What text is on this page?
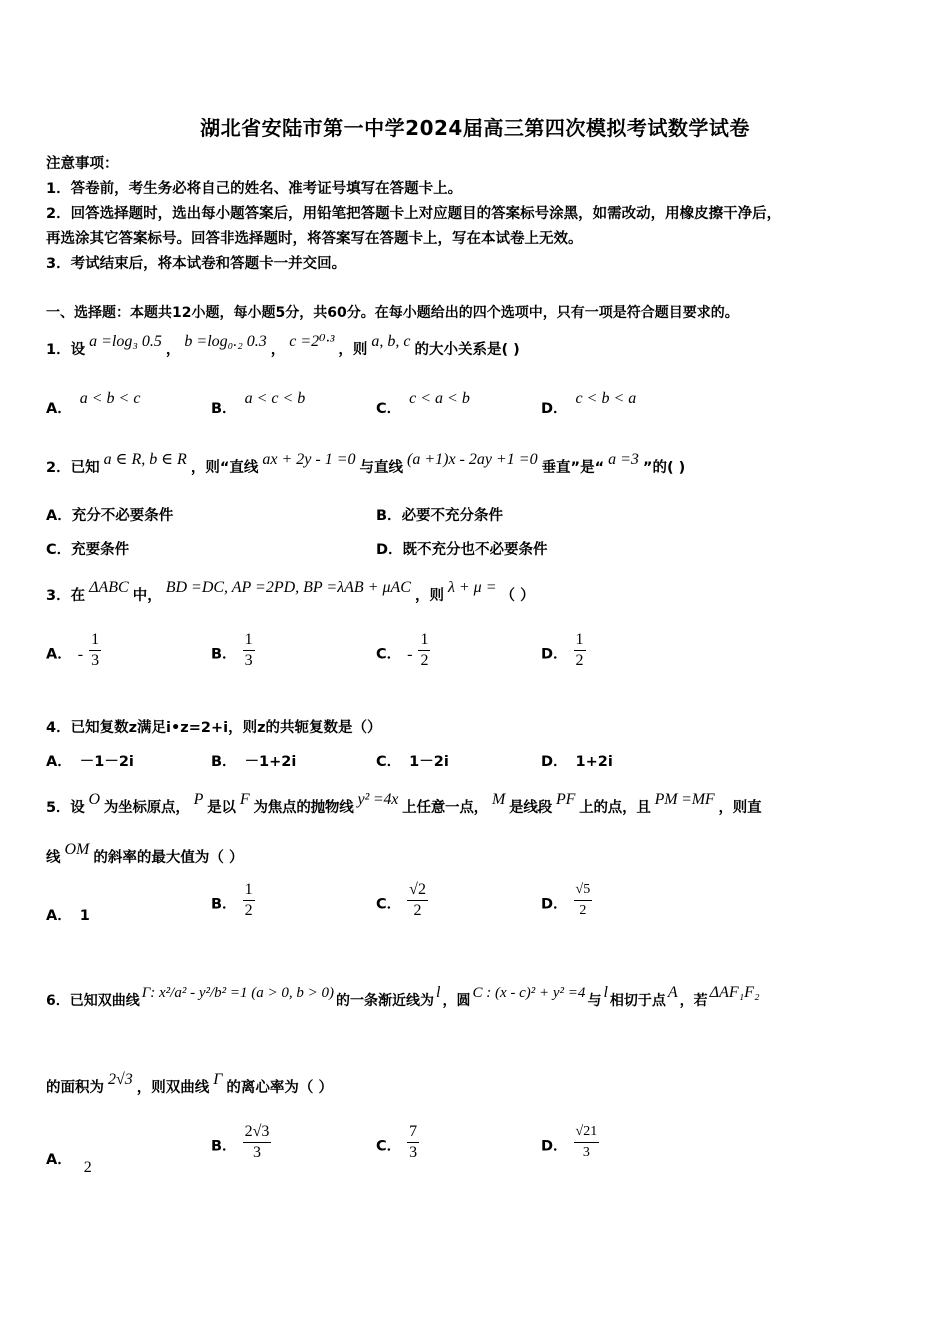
湖北省安陆市第一中学2024届高三第四次模拟考试数学试卷
注意事项：
1．答卷前，考生务必将自己的姓名、准考证号填写在答题卡上。
2．回答选择题时，选出每小题答案后，用铅笔把答题卡上对应题目的答案标号涂黑，如需改动，用橡皮擦干净后，
再选涂其它答案标号。回答非选择题时，将答案写在答题卡上，写在本试卷上无效。
3．考试结束后，将本试卷和答题卡一并交回。
一、选择题：本题共12小题，每小题5分，共60分。在每小题给出的四个选项中，只有一项是符合题目要求的。
1．设 a =log₃ 0.5 ， b =log₀.₂ 0.3 ， c =2⁰·³ ，则 a, b, c 的大小关系是( )
A．a < b < c
B．a < c < b
C．c < a < b
D．c < b < a
2．已知 a ∈ R, b ∈ R ，则“直线 ax + 2y - 1 =0 与直线 (a +1)x - 2ay +1 =0 垂直”是“ a =3 ”的( )
A．充分不必要条件	B．必要不充分条件
C．充要条件	D．既不充分也不必要条件
3．在 ΔABC 中， BD =DC, AP =2PD, BP =λAB + μAC ，则 λ + μ = （ ）
A． - $\frac{1}{3}$	B． $\frac{1}{3}$	C． - $\frac{1}{2}$	D． $\frac{1}{2}$
4．已知复数z满足i•z=2+i，则z的共轭复数是（）
A． －1－2i	B． －1+2i	C． 1－2i	D． 1+2i
5．设 O 为坐标原点， P 是以 F 为焦点的抛物线 y² =4x 上任意一点， M 是线段 PF 上的点，且 PM =MF ，则直
线 OM 的斜率的最大值为（ ）
A． 1
B． $\frac{1}{2}$	C． $\frac{√2}{2}$	D． $\frac{√5}{2}$
6．已知双曲线 Γ: x²/a² - y²/b² =1 (a > 0, b > 0) 的一条渐近线为 l ，圆 C : (x - c)² + y² =4 与 l 相切于点 A ，若 ΔAF₁F₂
的面积为 2√3 ，则双曲线 Γ 的离心率为（ ）
A． 2
B． $\frac{2√3}{3}$	C． $\frac{7}{3}$	D． $\frac{√21}{3}$
